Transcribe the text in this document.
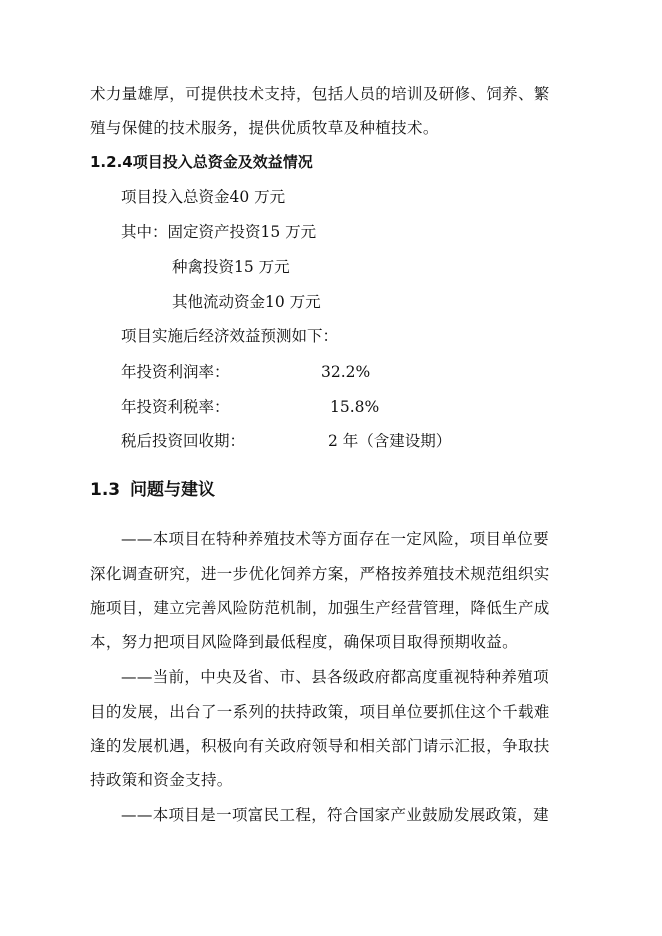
术力量雄厚，可提供技术支持，包括人员的培训及研修、饲养、繁
殖与保健的技术服务，提供优质牧草及种植技术。
1.2.4项目投入总资金及效益情况
项目投入总资金40 万元
其中：固定资产投资15 万元
种禽投资15 万元
其他流动资金10 万元
项目实施后经济效益预测如下：
年投资利润率：	32.2%
年投资利税率：	15.8%
税后投资回收期：	2 年（含建设期）
1.3 问题与建议
——本项目在特种养殖技术等方面存在一定风险，项目单位要
深化调查研究，进一步优化饲养方案，严格按养殖技术规范组织实
施项目，建立完善风险防范机制，加强生产经营管理，降低生产成
本，努力把项目风险降到最低程度，确保项目取得预期收益。
——当前，中央及省、市、县各级政府都高度重视特种养殖项
目的发展，出台了一系列的扶持政策，项目单位要抓住这个千载难
逢的发展机遇，积极向有关政府领导和相关部门请示汇报，争取扶
持政策和资金支持。
——本项目是一项富民工程，符合国家产业鼓励发展政策，建
